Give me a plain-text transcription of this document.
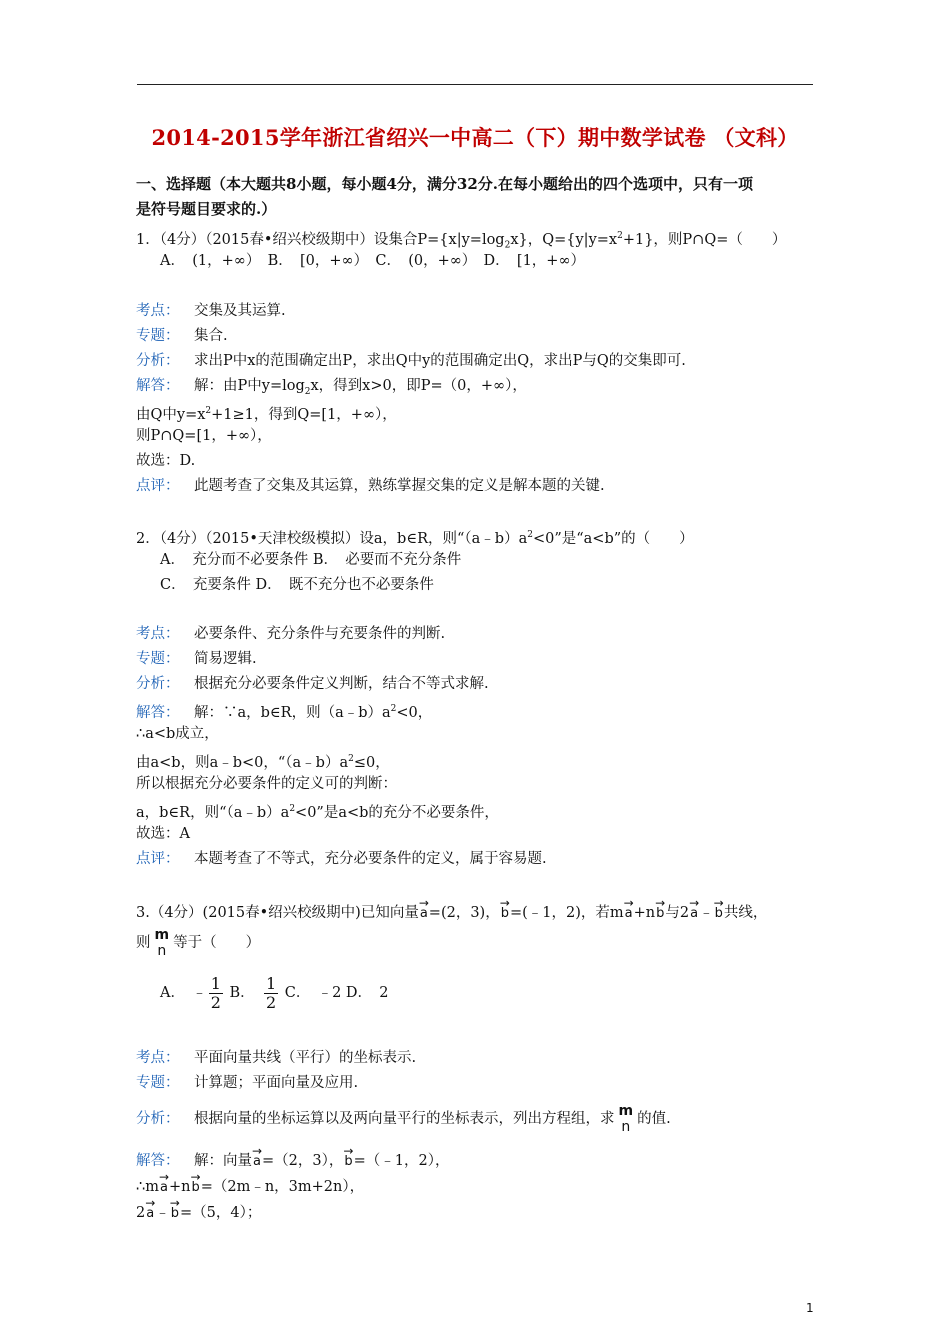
2014-2015学年浙江省绍兴一中高二（下）期中数学试卷 （文科）
一、选择题（本大题共8小题，每小题4分，满分32分.在每小题给出的四个选项中，只有一项
是符号题目要求的.）
1．（4分）（2015春•绍兴校级期中）设集合$P=\{x|y=\log_2x\}$，$Q=\{y|y=x^2+1\}$，则P∩Q=（　　）
A．　(1，+∞）　B．　[0，+∞）　C．　(0，+∞）　D．　[1，+∞）
考点： 交集及其运算.
专题： 集合.
分析： 求出P中x的范围确定出P，求出Q中y的范围确定出Q，求出P与Q的交集即可.
解答： 解：由P中$y=\log_2x$，得到x>0，即P=（0，+∞），
由Q中$y=x^2+1\ge 1$，得到Q=[1，+∞），
则P∩Q=[1，+∞），
故选：D.
点评： 此题考查了交集及其运算，熟练掌握交集的定义是解本题的关键.
2．（4分）（2015•天津校级模拟）设a，b∈R，则“$(a﹣b)a^2<0$”是“a<b”的（　　）
A．　充分而不必要条件 B．　必要而不充分条件
C．　充要条件 D．　既不充分也不必要条件
考点： 必要条件、充分条件与充要条件的判断.
专题： 简易逻辑.
分析： 根据充分必要条件定义判断，结合不等式求解.
解答： 解：∵a，b∈R，则$(a﹣b)a^2<0$，
∴a<b成立，
由a<b，则a﹣b<0，“$(a﹣b)a^2\le 0$，
所以根据充分必要条件的定义可的判断：
a，b∈R，则“$(a﹣b)a^2<0$”是a<b的充分不必要条件，
故选：A
点评： 本题考查了不等式，充分必要条件的定义，属于容易题.
3.（4分）(2015春•绍兴校级期中)已知向量→ a=(2，3)，→ b=(﹣1，2)，若m→ a+n→ b与2→ a﹣→ b共线，
则 m
n 等于（　　）
A．　﹣ $\frac{1}{2}$ B．　 $\frac{1}{2}$ C．　﹣2 D．　2
考点： 平面向量共线（平行）的坐标表示.
专题： 计算题；平面向量及应用.
分析： 根据向量的坐标运算以及两向量平行的坐标表示，列出方程组，求 m
n 的值.
解答： 解：向量→ a=（2，3），→ b=（﹣1，2），
∴m→ a+n→ b=（2m﹣n，3m+2n），
2→ a﹣→ b=（5，4）；
1
